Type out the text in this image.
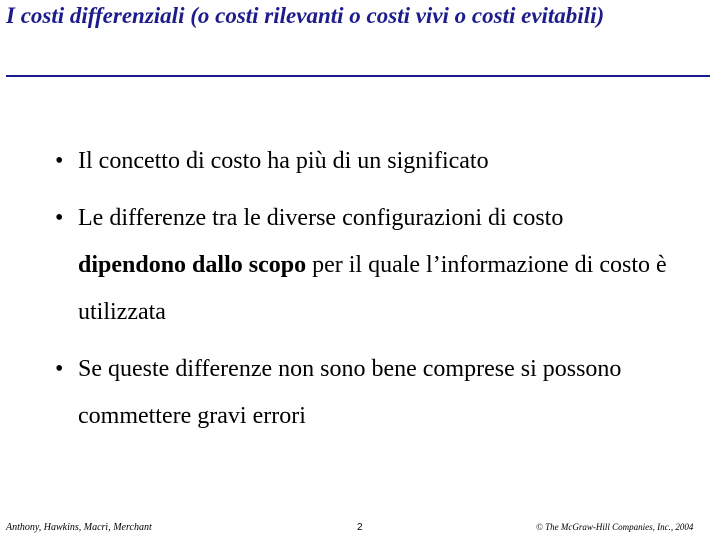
I costi differenziali (o costi rilevanti o costi vivi o costi evitabili)
• Il concetto di costo ha più di un significato
• Le differenze tra le diverse configurazioni di costo dipendono dallo scopo per il quale l’informazione di costo è utilizzata
• Se queste differenze non sono bene comprese si possono commettere gravi errori
Anthony, Hawkins, Macrì, Merchant	2	© The McGraw-Hill Companies, Inc., 2004
